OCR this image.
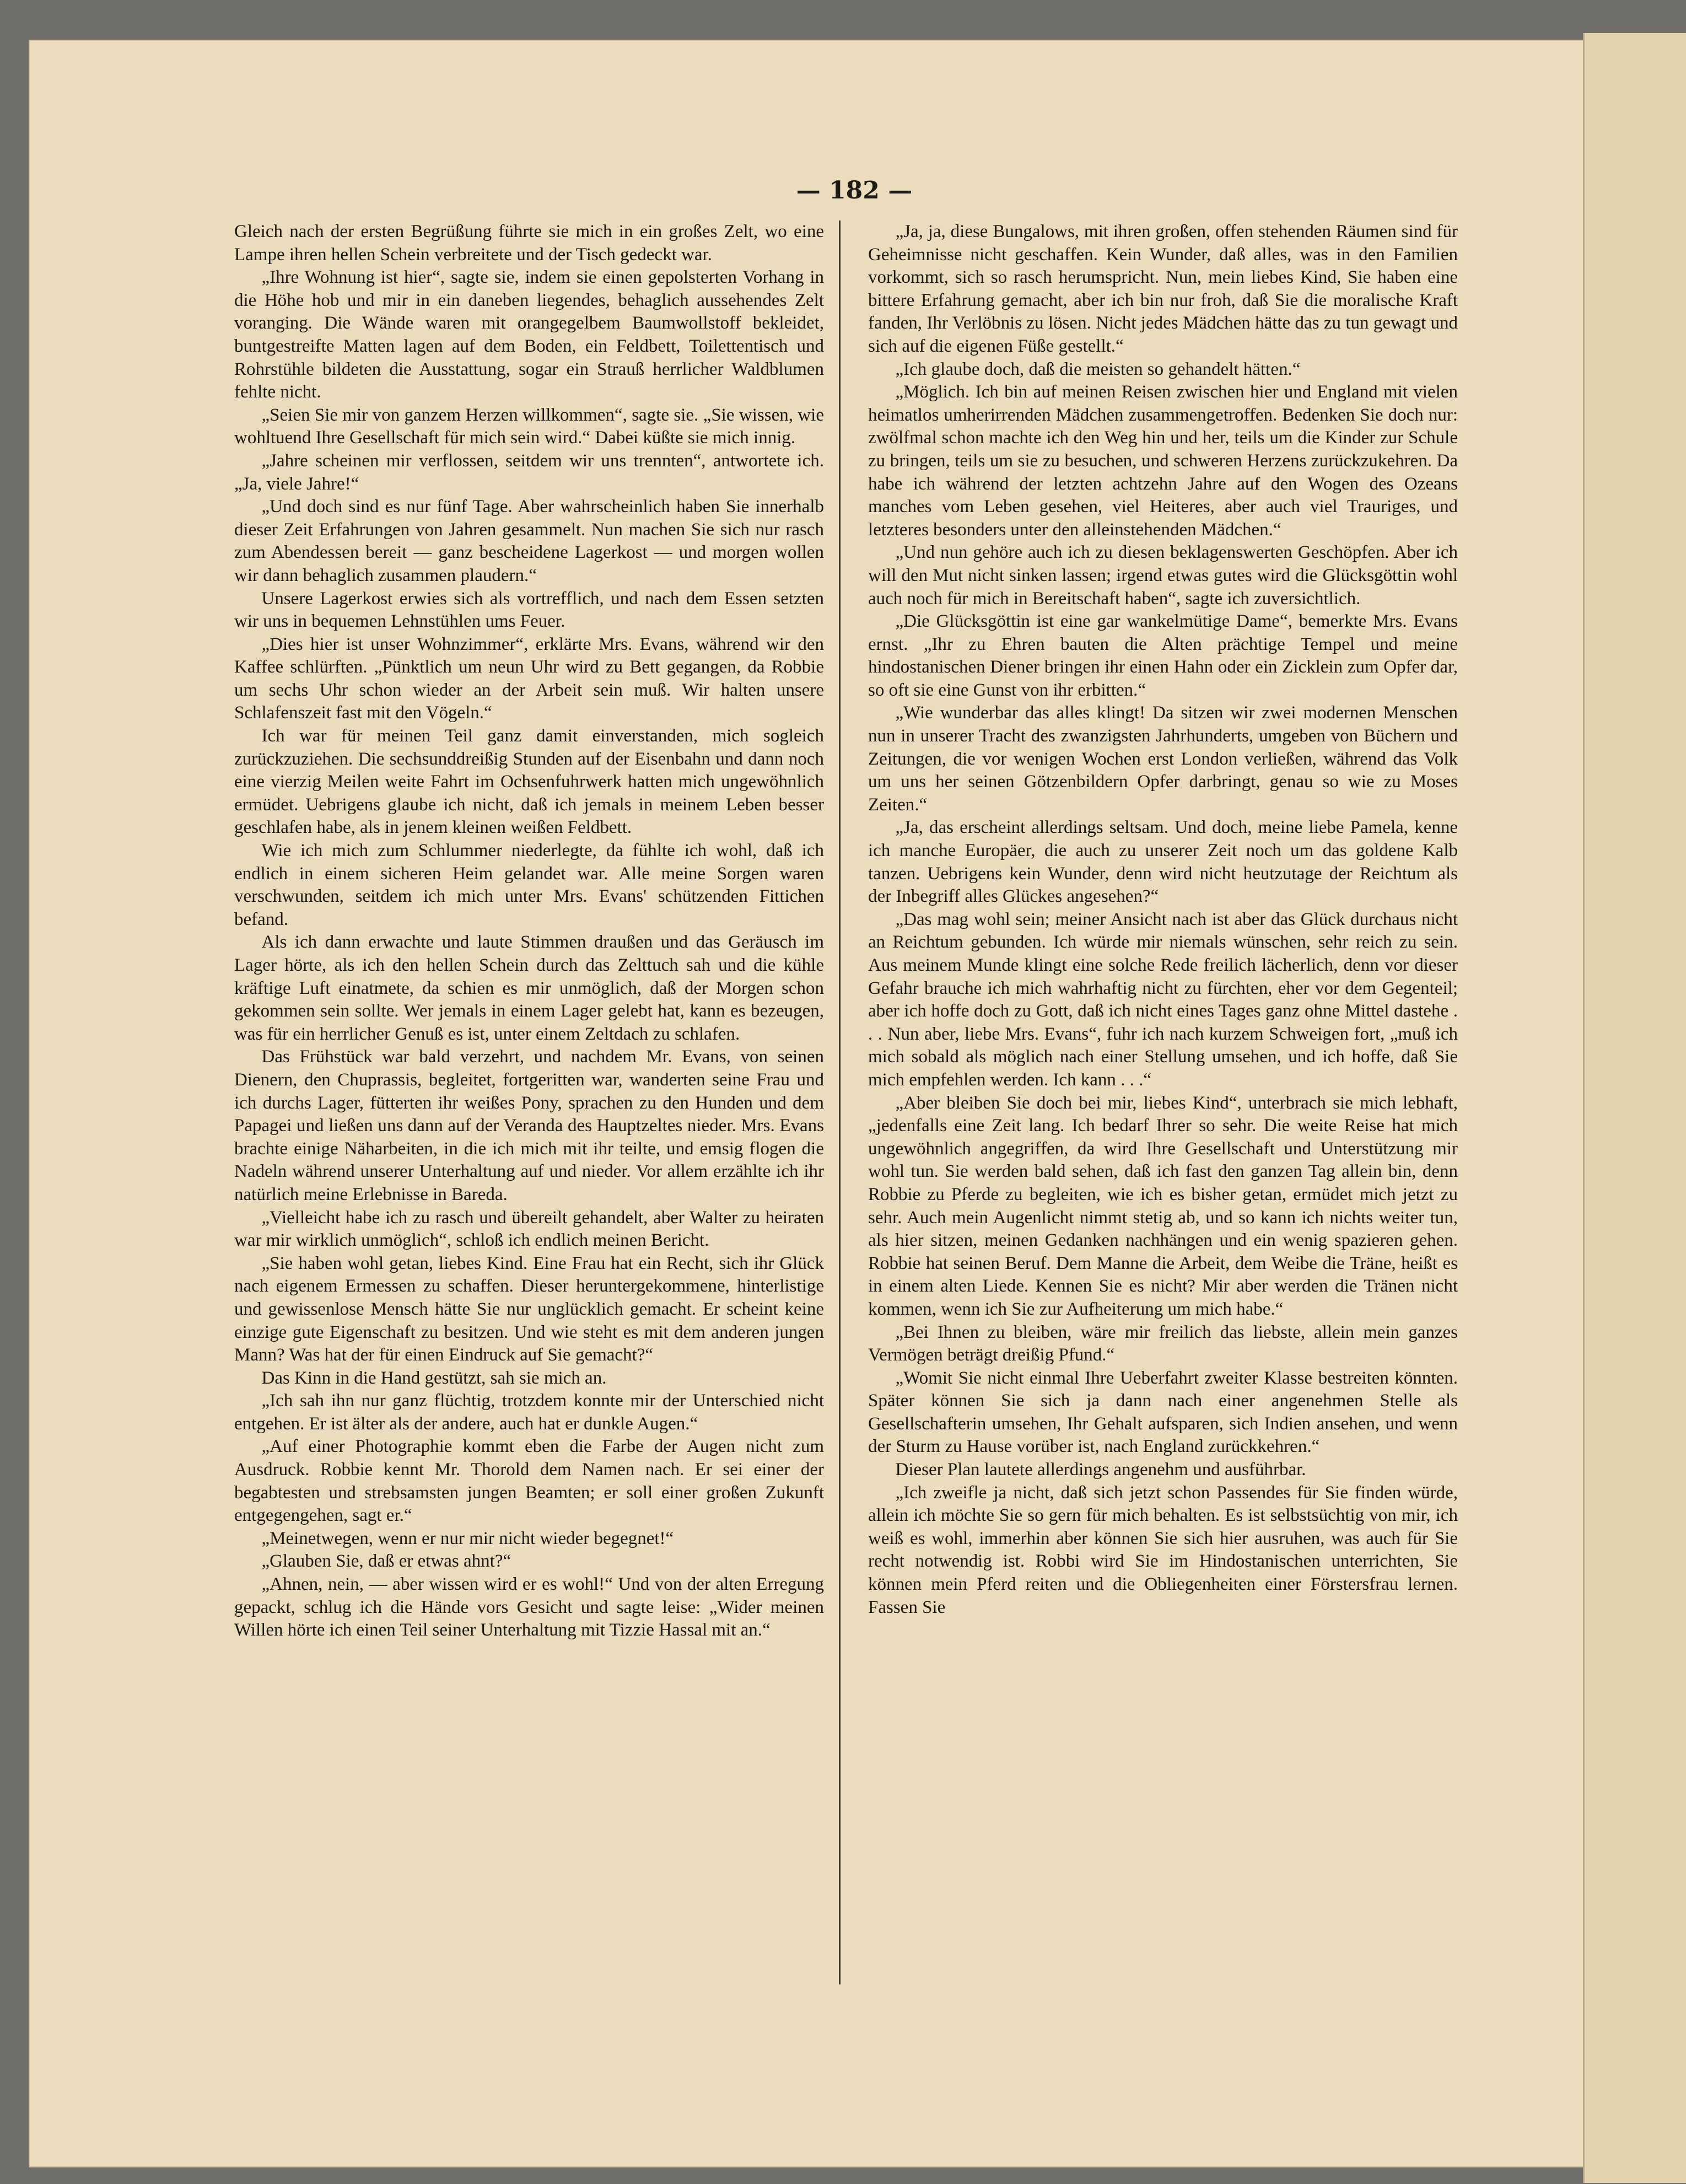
— 182 —

Gleich nach der ersten Begrüßung führte sie mich in ein großes Zelt, wo eine Lampe ihren hellen Schein verbreitete und der Tisch gedeckt war.

„Ihre Wohnung ist hier“, sagte sie, indem sie einen gepolsterten Vorhang in die Höhe hob und mir in ein daneben liegendes, behaglich aussehendes Zelt voranging. Die Wände waren mit orangegelbem Baumwollstoff bekleidet, buntgestreifte Matten lagen auf dem Boden, ein Feldbett, Toilettentisch und Rohrstühle bildeten die Ausstattung, sogar ein Strauß herrlicher Waldblumen fehlte nicht.

„Seien Sie mir von ganzem Herzen willkommen“, sagte sie. „Sie wissen, wie wohltuend Ihre Gesellschaft für mich sein wird.“ Dabei küßte sie mich innig.

„Jahre scheinen mir verflossen, seitdem wir uns trennten“, antwortete ich. „Ja, viele Jahre!“

„Und doch sind es nur fünf Tage. Aber wahrscheinlich haben Sie innerhalb dieser Zeit Erfahrungen von Jahren gesammelt. Nun machen Sie sich nur rasch zum Abendessen bereit — ganz bescheidene Lagerkost — und morgen wollen wir dann behaglich zusammen plaudern.“

Unsere Lagerkost erwies sich als vortrefflich, und nach dem Essen setzten wir uns in bequemen Lehnstühlen ums Feuer.

„Dies hier ist unser Wohnzimmer“, erklärte Mrs. Evans, während wir den Kaffee schlürften. „Pünktlich um neun Uhr wird zu Bett gegangen, da Robbie um sechs Uhr schon wieder an der Arbeit sein muß. Wir halten unsere Schlafenszeit fast mit den Vögeln.“

Ich war für meinen Teil ganz damit einverstanden, mich sogleich zurückzuziehen. Die sechsunddreißig Stunden auf der Eisenbahn und dann noch eine vierzig Meilen weite Fahrt im Ochsenfuhrwerk hatten mich ungewöhnlich ermüdet. Uebrigens glaube ich nicht, daß ich jemals in meinem Leben besser geschlafen habe, als in jenem kleinen weißen Feldbett.

Wie ich mich zum Schlummer niederlegte, da fühlte ich wohl, daß ich endlich in einem sicheren Heim gelandet war. Alle meine Sorgen waren verschwunden, seitdem ich mich unter Mrs. Evans' schützenden Fittichen befand.

Als ich dann erwachte und laute Stimmen draußen und das Geräusch im Lager hörte, als ich den hellen Schein durch das Zelttuch sah und die kühle kräftige Luft einatmete, da schien es mir unmöglich, daß der Morgen schon gekommen sein sollte. Wer jemals in einem Lager gelebt hat, kann es bezeugen, was für ein herrlicher Genuß es ist, unter einem Zeltdach zu schlafen.

Das Frühstück war bald verzehrt, und nachdem Mr. Evans, von seinen Dienern, den Chuprassis, begleitet, fortgeritten war, wanderten seine Frau und ich durchs Lager, fütterten ihr weißes Pony, sprachen zu den Hunden und dem Papagei und ließen uns dann auf der Veranda des Hauptzeltes nieder. Mrs. Evans brachte einige Näharbeiten, in die ich mich mit ihr teilte, und emsig flogen die Nadeln während unserer Unterhaltung auf und nieder. Vor allem erzählte ich ihr natürlich meine Erlebnisse in Bareda.

„Vielleicht habe ich zu rasch und übereilt gehandelt, aber Walter zu heiraten war mir wirklich unmöglich“, schloß ich endlich meinen Bericht.

„Sie haben wohl getan, liebes Kind. Eine Frau hat ein Recht, sich ihr Glück nach eigenem Ermessen zu schaffen. Dieser heruntergekommene, hinterlistige und gewissenlose Mensch hätte Sie nur unglücklich gemacht. Er scheint keine einzige gute Eigenschaft zu besitzen. Und wie steht es mit dem anderen jungen Mann? Was hat der für einen Eindruck auf Sie gemacht?“

Das Kinn in die Hand gestützt, sah sie mich an.

„Ich sah ihn nur ganz flüchtig, trotzdem konnte mir der Unterschied nicht entgehen. Er ist älter als der andere, auch hat er dunkle Augen.“

„Auf einer Photographie kommt eben die Farbe der Augen nicht zum Ausdruck. Robbie kennt Mr. Thorold dem Namen nach. Er sei einer der begabtesten und strebsamsten jungen Beamten; er soll einer großen Zukunft entgegengehen, sagt er.“

„Meinetwegen, wenn er nur mir nicht wieder begegnet!“

„Glauben Sie, daß er etwas ahnt?“

„Ahnen, nein, — aber wissen wird er es wohl!“ Und von der alten Erregung gepackt, schlug ich die Hände vors Gesicht und sagte leise: „Wider meinen Willen hörte ich einen Teil seiner Unterhaltung mit Tizzie Hassal mit an.“

„Ja, ja, diese Bungalows, mit ihren großen, offen stehenden Räumen sind für Geheimnisse nicht geschaffen. Kein Wunder, daß alles, was in den Familien vorkommt, sich so rasch herumspricht. Nun, mein liebes Kind, Sie haben eine bittere Erfahrung gemacht, aber ich bin nur froh, daß Sie die moralische Kraft fanden, Ihr Verlöbnis zu lösen. Nicht jedes Mädchen hätte das zu tun gewagt und sich auf die eigenen Füße gestellt.“

„Ich glaube doch, daß die meisten so gehandelt hätten.“

„Möglich. Ich bin auf meinen Reisen zwischen hier und England mit vielen heimatlos umherirrenden Mädchen zusammengetroffen. Bedenken Sie doch nur: zwölfmal schon machte ich den Weg hin und her, teils um die Kinder zur Schule zu bringen, teils um sie zu besuchen, und schweren Herzens zurückzukehren. Da habe ich während der letzten achtzehn Jahre auf den Wogen des Ozeans manches vom Leben gesehen, viel Heiteres, aber auch viel Trauriges, und letzteres besonders unter den alleinstehenden Mädchen.“

„Und nun gehöre auch ich zu diesen beklagenswerten Geschöpfen. Aber ich will den Mut nicht sinken lassen; irgend etwas gutes wird die Glücksgöttin wohl auch noch für mich in Bereitschaft haben“, sagte ich zuversichtlich.

„Die Glücksgöttin ist eine gar wankelmütige Dame“, bemerkte Mrs. Evans ernst. „Ihr zu Ehren bauten die Alten prächtige Tempel und meine hindostanischen Diener bringen ihr einen Hahn oder ein Zicklein zum Opfer dar, so oft sie eine Gunst von ihr erbitten.“

„Wie wunderbar das alles klingt! Da sitzen wir zwei modernen Menschen nun in unserer Tracht des zwanzigsten Jahrhunderts, umgeben von Büchern und Zeitungen, die vor wenigen Wochen erst London verließen, während das Volk um uns her seinen Götzenbildern Opfer darbringt, genau so wie zu Moses Zeiten.“

„Ja, das erscheint allerdings seltsam. Und doch, meine liebe Pamela, kenne ich manche Europäer, die auch zu unserer Zeit noch um das goldene Kalb tanzen. Uebrigens kein Wunder, denn wird nicht heutzutage der Reichtum als der Inbegriff alles Glückes angesehen?“

„Das mag wohl sein; meiner Ansicht nach ist aber das Glück durchaus nicht an Reichtum gebunden. Ich würde mir niemals wünschen, sehr reich zu sein. Aus meinem Munde klingt eine solche Rede freilich lächerlich, denn vor dieser Gefahr brauche ich mich wahrhaftig nicht zu fürchten, eher vor dem Gegenteil; aber ich hoffe doch zu Gott, daß ich nicht eines Tages ganz ohne Mittel dastehe . . . Nun aber, liebe Mrs. Evans“, fuhr ich nach kurzem Schweigen fort, „muß ich mich sobald als möglich nach einer Stellung umsehen, und ich hoffe, daß Sie mich empfehlen werden. Ich kann . . .“

„Aber bleiben Sie doch bei mir, liebes Kind“, unterbrach sie mich lebhaft, „jedenfalls eine Zeit lang. Ich bedarf Ihrer so sehr. Die weite Reise hat mich ungewöhnlich angegriffen, da wird Ihre Gesellschaft und Unterstützung mir wohl tun. Sie werden bald sehen, daß ich fast den ganzen Tag allein bin, denn Robbie zu Pferde zu begleiten, wie ich es bisher getan, ermüdet mich jetzt zu sehr. Auch mein Augenlicht nimmt stetig ab, und so kann ich nichts weiter tun, als hier sitzen, meinen Gedanken nachhängen und ein wenig spazieren gehen. Robbie hat seinen Beruf. Dem Manne die Arbeit, dem Weibe die Träne, heißt es in einem alten Liede. Kennen Sie es nicht? Mir aber werden die Tränen nicht kommen, wenn ich Sie zur Aufheiterung um mich habe.“

„Bei Ihnen zu bleiben, wäre mir freilich das liebste, allein mein ganzes Vermögen beträgt dreißig Pfund.“

„Womit Sie nicht einmal Ihre Ueberfahrt zweiter Klasse bestreiten könnten. Später können Sie sich ja dann nach einer angenehmen Stelle als Gesellschafterin umsehen, Ihr Gehalt aufsparen, sich Indien ansehen, und wenn der Sturm zu Hause vorüber ist, nach England zurückkehren.“

Dieser Plan lautete allerdings angenehm und ausführbar.

„Ich zweifle ja nicht, daß sich jetzt schon Passendes für Sie finden würde, allein ich möchte Sie so gern für mich behalten. Es ist selbstsüchtig von mir, ich weiß es wohl, immerhin aber können Sie sich hier ausruhen, was auch für Sie recht notwendig ist. Robbi wird Sie im Hindostanischen unterrichten, Sie können mein Pferd reiten und die Obliegenheiten einer Förstersfrau lernen. Fassen Sie
